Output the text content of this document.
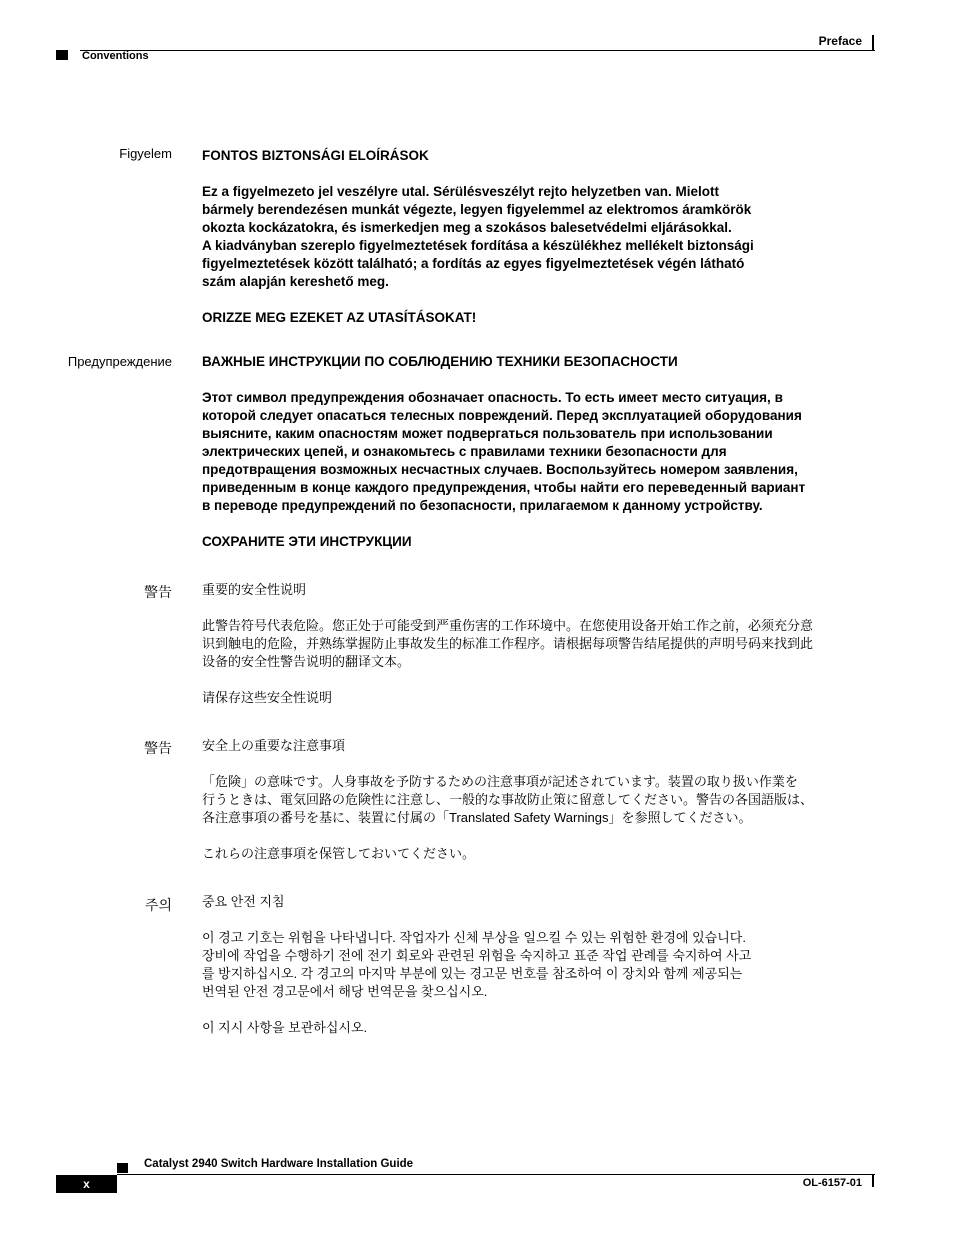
Preface
Conventions
Figyelem FONTOS BIZTONSÁGI ELOÍRÁSOK

Ez a figyelmezeto jel veszélyre utal. Sérülésveszélyt rejto helyzetben van. Mielott

bármely berendezésen munkát végezte, legyen figyelemmel az elektromos áramkörök

okozta kockázatokra, és ismerkedjen meg a szokásos balesetvédelmi eljárásokkal.

A kiadványban szereplo figyelmeztetések fordítása a készülékhez mellékelt biztonsági

figyelmeztetések között található; a fordítás az egyes figyelmeztetések végén látható

szám alapján kereshető meg.

ORIZZE MEG EZEKET AZ UTASÍTÁSOKAT!

Предупреждение ВАЖНЫЕ ИНСТРУКЦИИ ПО СОБЛЮДЕНИЮ ТЕХНИКИ БЕЗОПАСНОСТИ

Этот символ предупреждения обозначает опасность. То есть имеет место ситуация, в

которой следует опасаться телесных повреждений. Перед эксплуатацией оборудования

выясните, каким опасностям может подвергаться пользователь при использовании

электрических цепей, и ознакомьтесь с правилами техники безопасности для

предотвращения возможных несчастных случаев. Воспользуйтесь номером заявления,

приведенным в конце каждого предупреждения, чтобы найти его переведенный вариант

в переводе предупреждений по безопасности, прилагаемом к данному устройству.

СОХРАНИТЕ ЭТИ ИНСТРУКЦИИ

警告 重要的安全性说明

此警告符号代表危险。您正处于可能受到严重伤害的工作环境中。在您使用设备开始工作之前，必须充分意

识到触电的危险，并熟练掌握防止事故发生的标准工作程序。请根据每项警告结尾提供的声明号码来找到此

设备的安全性警告说明的翻译文本。

请保存这些安全性说明

警告 安全上の重要な注意事項

「危険」の意味です。人身事故を予防するための注意事項が記述されています。装置の取り扱い作業を

行うときは、電気回路の危険性に注意し、一般的な事故防止策に留意してください。警告の各国語版は、

各注意事項の番号を基に、装置に付属の「Translated Safety Warnings」を参照してください。

これらの注意事項を保管しておいてください。

주의 중요 안전 지침

이 경고 기호는 위험을 나타냅니다. 작업자가 신체 부상을 일으킬 수 있는 위험한 환경에 있습니다.

장비에 작업을 수행하기 전에 전기 회로와 관련된 위험을 숙지하고 표준 작업 관례를 숙지하여 사고

를 방지하십시오. 각 경고의 마지막 부분에 있는 경고문 번호를 참조하여 이 장치와 함께 제공되는

번역된 안전 경고문에서 해당 번역문을 찾으십시오.

이 지시 사항을 보관하십시오.

Catalyst 2940 Switch Hardware Installation Guide
x	OL-6157-01
